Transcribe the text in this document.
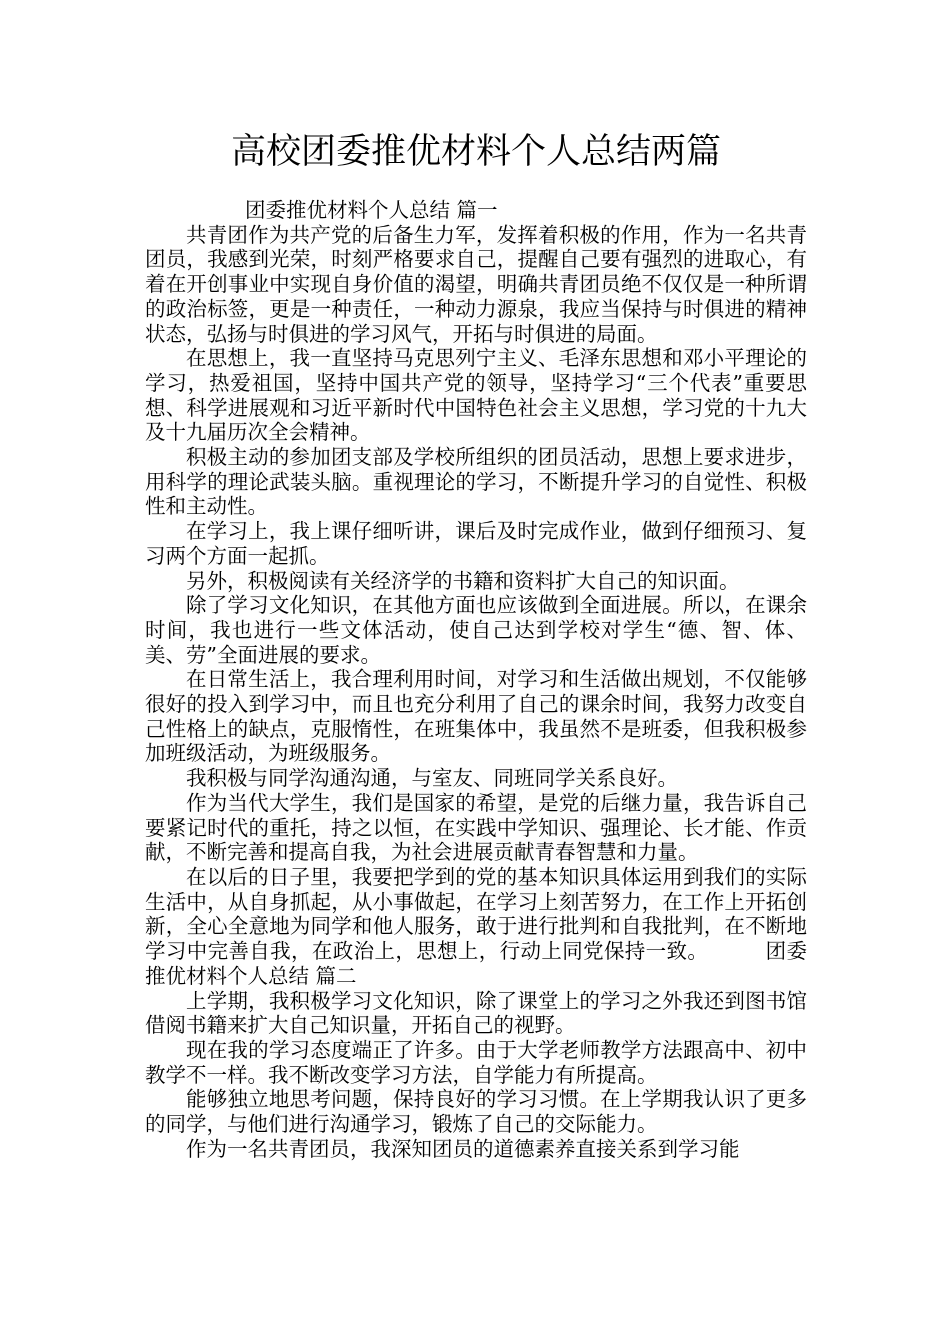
高校团委推优材料个人总结两篇

团委推优材料个人总结 篇一

共青团作为共产党的后备生力军，发挥着积极的作用，作为一名共青团员，我感到光荣，时刻严格要求自己，提醒自己要有强烈的进取心，有着在开创事业中实现自身价值的渴望，明确共青团员绝不仅仅是一种所谓的政治标签，更是一种责任，一种动力源泉，我应当保持与时俱进的精神状态，弘扬与时俱进的学习风气，开拓与时俱进的局面。

在思想上，我一直坚持马克思列宁主义、毛泽东思想和邓小平理论的学习，热爱祖国，坚持中国共产党的领导，坚持学习“三个代表”重要思想、科学进展观和习近平新时代中国特色社会主义思想，学习党的十九大及十九届历次全会精神。

积极主动的参加团支部及学校所组织的团员活动，思想上要求进步，用科学的理论武装头脑。重视理论的学习，不断提升学习的自觉性、积极性和主动性。

在学习上，我上课仔细听讲，课后及时完成作业，做到仔细预习、复习两个方面一起抓。

另外，积极阅读有关经济学的书籍和资料扩大自己的知识面。

除了学习文化知识，在其他方面也应该做到全面进展。所以，在课余时间，我也进行一些文体活动，使自己达到学校对学生“德、智、体、美、劳”全面进展的要求。

在日常生活上，我合理利用时间，对学习和生活做出规划，不仅能够很好的投入到学习中，而且也充分利用了自己的课余时间，我努力改变自己性格上的缺点，克服惰性，在班集体中，我虽然不是班委，但我积极参加班级活动，为班级服务。

我积极与同学沟通沟通，与室友、同班同学关系良好。

作为当代大学生，我们是国家的希望，是党的后继力量，我告诉自己要紧记时代的重托，持之以恒，在实践中学知识、强理论、长才能、作贡献，不断完善和提高自我，为社会进展贡献青春智慧和力量。

在以后的日子里，我要把学到的党的基本知识具体运用到我们的实际生活中，从自身抓起，从小事做起，在学习上刻苦努力，在工作上开拓创新，全心全意地为同学和他人服务，敢于进行批判和自我批判，在不断地学习中完善自我，在政治上，思想上，行动上同党保持一致。	团委推优材料个人总结 篇二

上学期，我积极学习文化知识，除了课堂上的学习之外我还到图书馆借阅书籍来扩大自己知识量，开拓自己的视野。

现在我的学习态度端正了许多。由于大学老师教学方法跟高中、初中教学不一样。我不断改变学习方法，自学能力有所提高。

能够独立地思考问题，保持良好的学习习惯。在上学期我认识了更多的同学，与他们进行沟通学习，锻炼了自己的交际能力。

作为一名共青团员，我深知团员的道德素养直接关系到学习能
